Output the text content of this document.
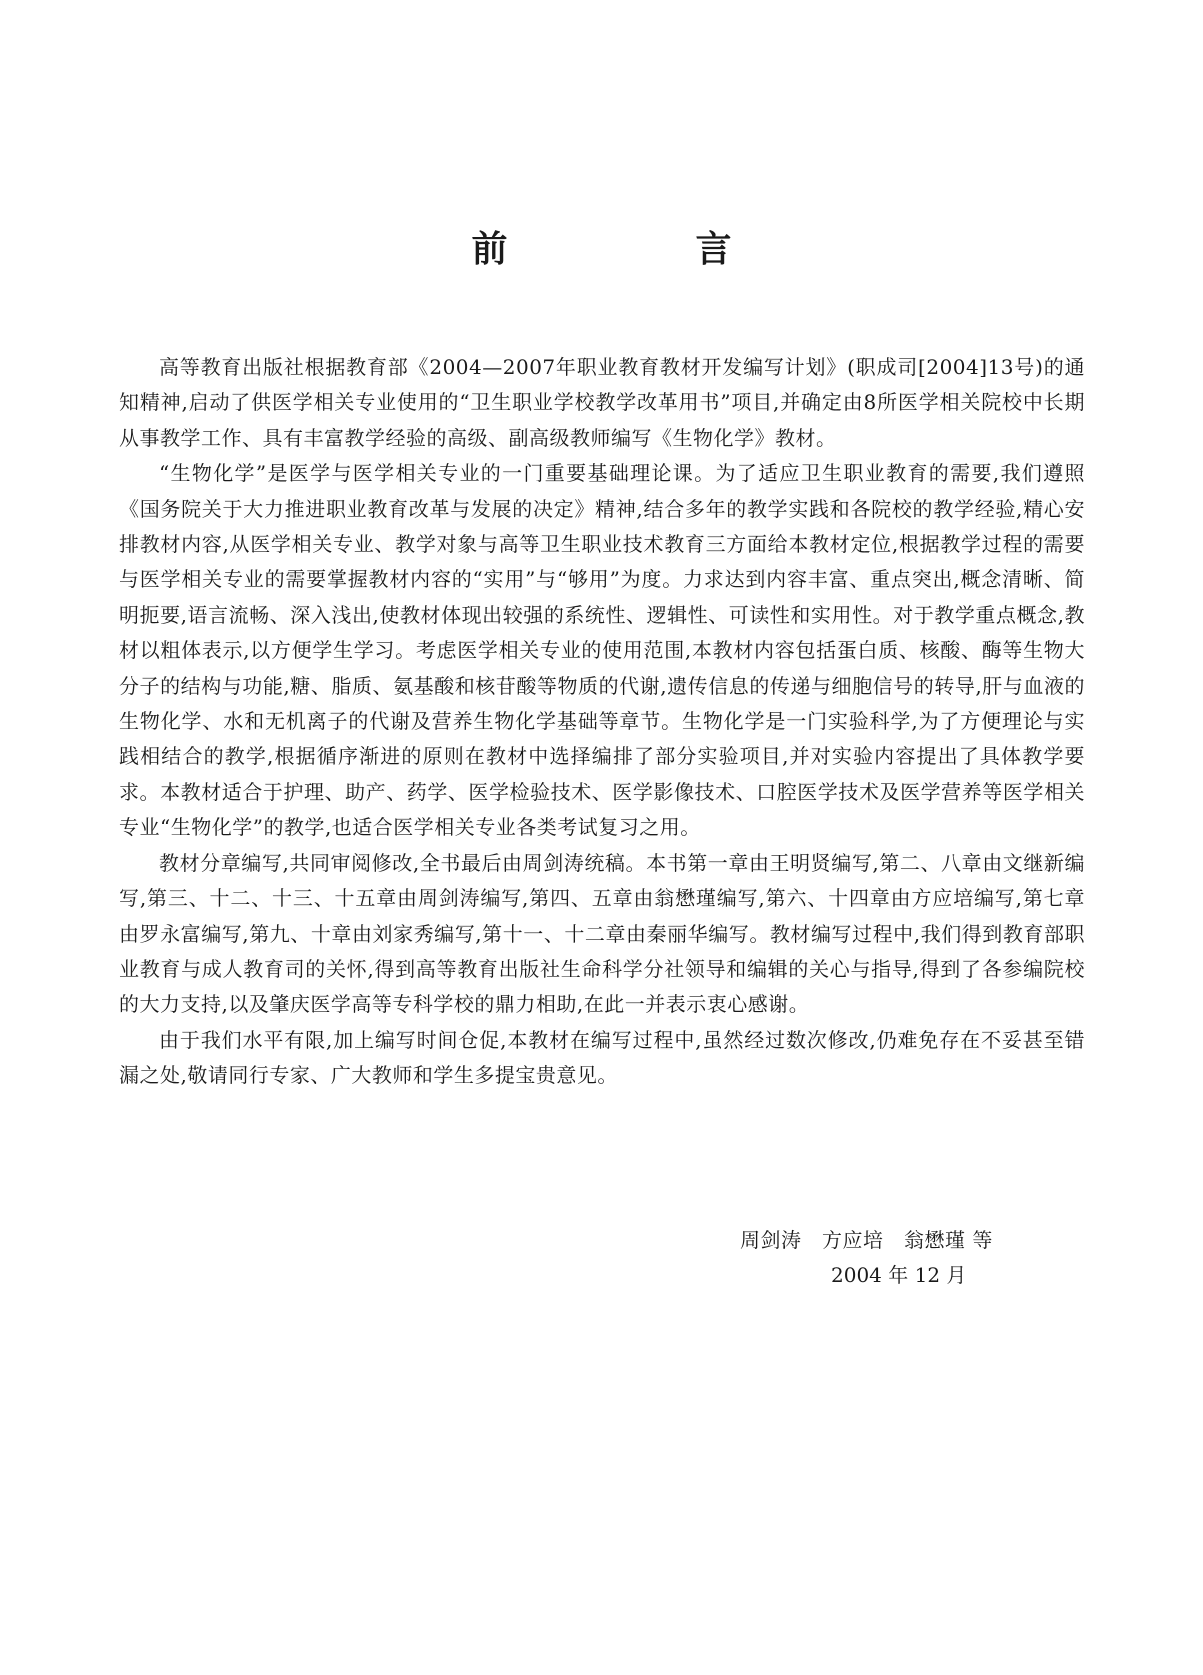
前　言

高等教育出版社根据教育部《2004—2007年职业教育教材开发编写计划》(职成司[2004]13号)的通知精神,启动了供医学相关专业使用的“卫生职业学校教学改革用书”项目,并确定由8所医学相关院校中长期从事教学工作、具有丰富教学经验的高级、副高级教师编写《生物化学》教材。

“生物化学”是医学与医学相关专业的一门重要基础理论课。为了适应卫生职业教育的需要,我们遵照《国务院关于大力推进职业教育改革与发展的决定》精神,结合多年的教学实践和各院校的教学经验,精心安排教材内容,从医学相关专业、教学对象与高等卫生职业技术教育三方面给本教材定位,根据教学过程的需要与医学相关专业的需要掌握教材内容的“实用”与“够用”为度。力求达到内容丰富、重点突出,概念清晰、简明扼要,语言流畅、深入浅出,使教材体现出较强的系统性、逻辑性、可读性和实用性。对于教学重点概念,教材以粗体表示,以方便学生学习。考虑医学相关专业的使用范围,本教材内容包括蛋白质、核酸、酶等生物大分子的结构与功能,糖、脂质、氨基酸和核苷酸等物质的代谢,遗传信息的传递与细胞信号的转导,肝与血液的生物化学、水和无机离子的代谢及营养生物化学基础等章节。生物化学是一门实验科学,为了方便理论与实践相结合的教学,根据循序渐进的原则在教材中选择编排了部分实验项目,并对实验内容提出了具体教学要求。本教材适合于护理、助产、药学、医学检验技术、医学影像技术、口腔医学技术及医学营养等医学相关专业“生物化学”的教学,也适合医学相关专业各类考试复习之用。

教材分章编写,共同审阅修改,全书最后由周剑涛统稿。本书第一章由王明贤编写,第二、八章由文继新编写,第三、十二、十三、十五章由周剑涛编写,第四、五章由翁懋瑾编写,第六、十四章由方应培编写,第七章由罗永富编写,第九、十章由刘家秀编写,第十一、十二章由秦丽华编写。教材编写过程中,我们得到教育部职业教育与成人教育司的关怀,得到高等教育出版社生命科学分社领导和编辑的关心与指导,得到了各参编院校的大力支持,以及肇庆医学高等专科学校的鼎力相助,在此一并表示衷心感谢。

由于我们水平有限,加上编写时间仓促,本教材在编写过程中,虽然经过数次修改,仍难免存在不妥甚至错漏之处,敬请同行专家、广大教师和学生多提宝贵意见。

周剑涛　方应培　翁懋瑾 等

2004 年 12 月
